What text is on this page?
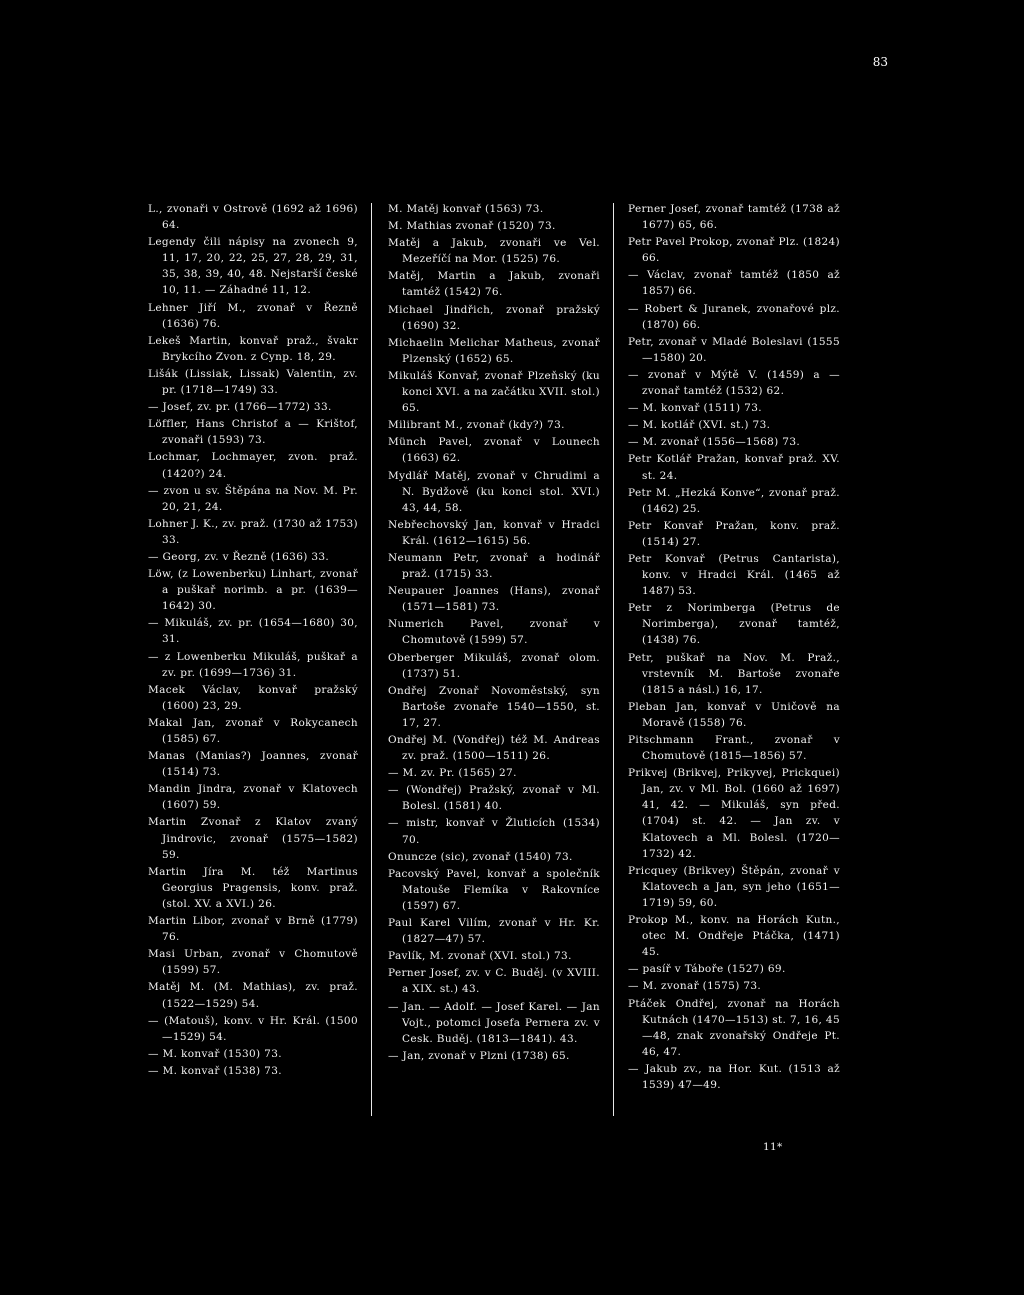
83

L., zvonaři v Ostrově (1692 až 1696) 64.

Legendy čili nápisy na zvonech 9, 11, 17, 20, 22, 25, 27, 28, 29, 31, 35, 38, 39, 40, 48. Nejstarší české 10, 11. — Záhadné 11, 12.

Lehner Jiří M., zvonař v Řezně (1636) 76.

Lekeš Martin, konvař praž., švakr Brykcího Zvon. z Cynp. 18, 29.

Lišák (Lissiak, Lissak) Valentin, zv. pr. (1718—1749) 33.

— Josef, zv. pr. (1766—1772) 33.

Löffler, Hans Christof a — Krištof, zvonaři (1593) 73.

Lochmar, Lochmayer, zvon. praž. (1420?) 24.

— zvon u sv. Štěpána na Nov. M. Pr. 20, 21, 24.

Lohner J. K., zv. praž. (1730 až 1753) 33.

— Georg, zv. v Řezně (1636) 33.

Löw, (z Lowenberku) Linhart, zvonař a puškař norimb. a pr. (1639—1642) 30.

— Mikuláš, zv. pr. (1654—1680) 30, 31.

— z Lowenberku Mikuláš, puškař a zv. pr. (1699—1736) 31.

Macek Václav, konvař pražský (1600) 23, 29.

Makal Jan, zvonař v Rokycanech (1585) 67.

Manas (Manias?) Joannes, zvonař (1514) 73.

Mandin Jindra, zvonař v Klatovech (1607) 59.

Martin Zvonař z Klatov zvaný Jindrovic, zvonař (1575—1582) 59.

Martin Jíra M. též Martinus Georgius Pragensis, konv. praž. (stol. XV. a XVI.) 26.

Martin Libor, zvonař v Brně (1779) 76.

Masi Urban, zvonař v Chomutově (1599) 57.

Matěj M. (M. Mathias), zv. praž. (1522—1529) 54.

— (Matouš), konv. v Hr. Král. (1500—1529) 54.

— M. konvař (1530) 73.

— M. konvař (1538) 73.

M. Matěj konvař (1563) 73.

M. Mathias zvonař (1520) 73.

Matěj a Jakub, zvonaři ve Vel. Mezeříčí na Mor. (1525) 76.

Matěj, Martin a Jakub, zvonaři tamtéž (1542) 76.

Michael Jindřich, zvonař pražský (1690) 32.

Michaelin Melichar Matheus, zvonař Plzenský (1652) 65.

Mikuláš Konvař, zvonař Plzeňský (ku konci XVI. a na začátku XVII. stol.) 65.

Milibrant M., zvonař (kdy?) 73.

Münch Pavel, zvonař v Lounech (1663) 62.

Mydlář Matěj, zvonař v Chrudimi a N. Bydžově (ku konci stol. XVI.) 43, 44, 58.

Nebřechovský Jan, konvař v Hradci Král. (1612—1615) 56.

Neumann Petr, zvonař a hodinář praž. (1715) 33.

Neupauer Joannes (Hans), zvonař (1571—1581) 73.

Numerich Pavel, zvonař v Chomutově (1599) 57.

Oberberger Mikuláš, zvonař olom. (1737) 51.

Ondřej Zvonař Novoměstský, syn Bartoše zvonaře 1540—1550, st. 17, 27.

Ondřej M. (Vondřej) též M. Andreas zv. praž. (1500—1511) 26.

— M. zv. Pr. (1565) 27.

— (Wondřej) Pražský, zvonař v Ml. Bolesl. (1581) 40.

— mistr, konvař v Žluticích (1534) 70.

Onuncze (sic), zvonař (1540) 73.

Pacovský Pavel, konvař a společník Matouše Flemíka v Rakovníce (1597) 67.

Paul Karel Vilím, zvonař v Hr. Kr. (1827—47) 57.

Pavlík, M. zvonař (XVI. stol.) 73.

Perner Josef, zv. v C. Buděj. (v XVIII. a XIX. st.) 43.

— Jan. — Adolf. — Josef Karel. — Jan Vojt., potomci Josefa Pernera zv. v Cesk. Buděj. (1813—1841). 43.

— Jan, zvonař v Plzni (1738) 65.

Perner Josef, zvonař tamtéž (1738 až 1677) 65, 66.

Petr Pavel Prokop, zvonař Plz. (1824) 66.

— Václav, zvonař tamtéž (1850 až 1857) 66.

— Robert & Juranek, zvonařové plz. (1870) 66.

Petr, zvonař v Mladé Boleslavi (1555—1580) 20.

— zvonař v Mýtě V. (1459) a — zvonař tamtéž (1532) 62.

— M. konvař (1511) 73.

— M. kotlář (XVI. st.) 73.

— M. zvonař (1556—1568) 73.

Petr Kotlář Pražan, konvař praž. XV. st. 24.

Petr M. „Hezká Konve“, zvonař praž. (1462) 25.

Petr Konvař Pražan, konv. praž. (1514) 27.

Petr Konvař (Petrus Cantarista), konv. v Hradci Král. (1465 až 1487) 53.

Petr z Norimberga (Petrus de Norimberga), zvonař tamtéž, (1438) 76.

Petr, puškař na Nov. M. Praž., vrstevník M. Bartoše zvonaře (1815 a násl.) 16, 17.

Pleban Jan, konvař v Uničově na Moravě (1558) 76.

Pitschmann Frant., zvonař v Chomutově (1815—1856) 57.

Prikvej (Brikvej, Prikyvej, Prickquei) Jan, zv. v Ml. Bol. (1660 až 1697) 41, 42. — Mikuláš, syn před. (1704) st. 42. — Jan zv. v Klatovech a Ml. Bolesl. (1720—1732) 42.

Pricquey (Brikvey) Štěpán, zvonař v Klatovech a Jan, syn jeho (1651—1719) 59, 60.

Prokop M., konv. na Horách Kutn., otec M. Ondřeje Ptáčka, (1471) 45.

— pasíř v Táboře (1527) 69.

— M. zvonař (1575) 73.

Ptáček Ondřej, zvonař na Horách Kutnách (1470—1513) st. 7, 16, 45—48, znak zvonařský Ondřeje Pt. 46, 47.

— Jakub zv., na Hor. Kut. (1513 až 1539) 47—49.

11*
